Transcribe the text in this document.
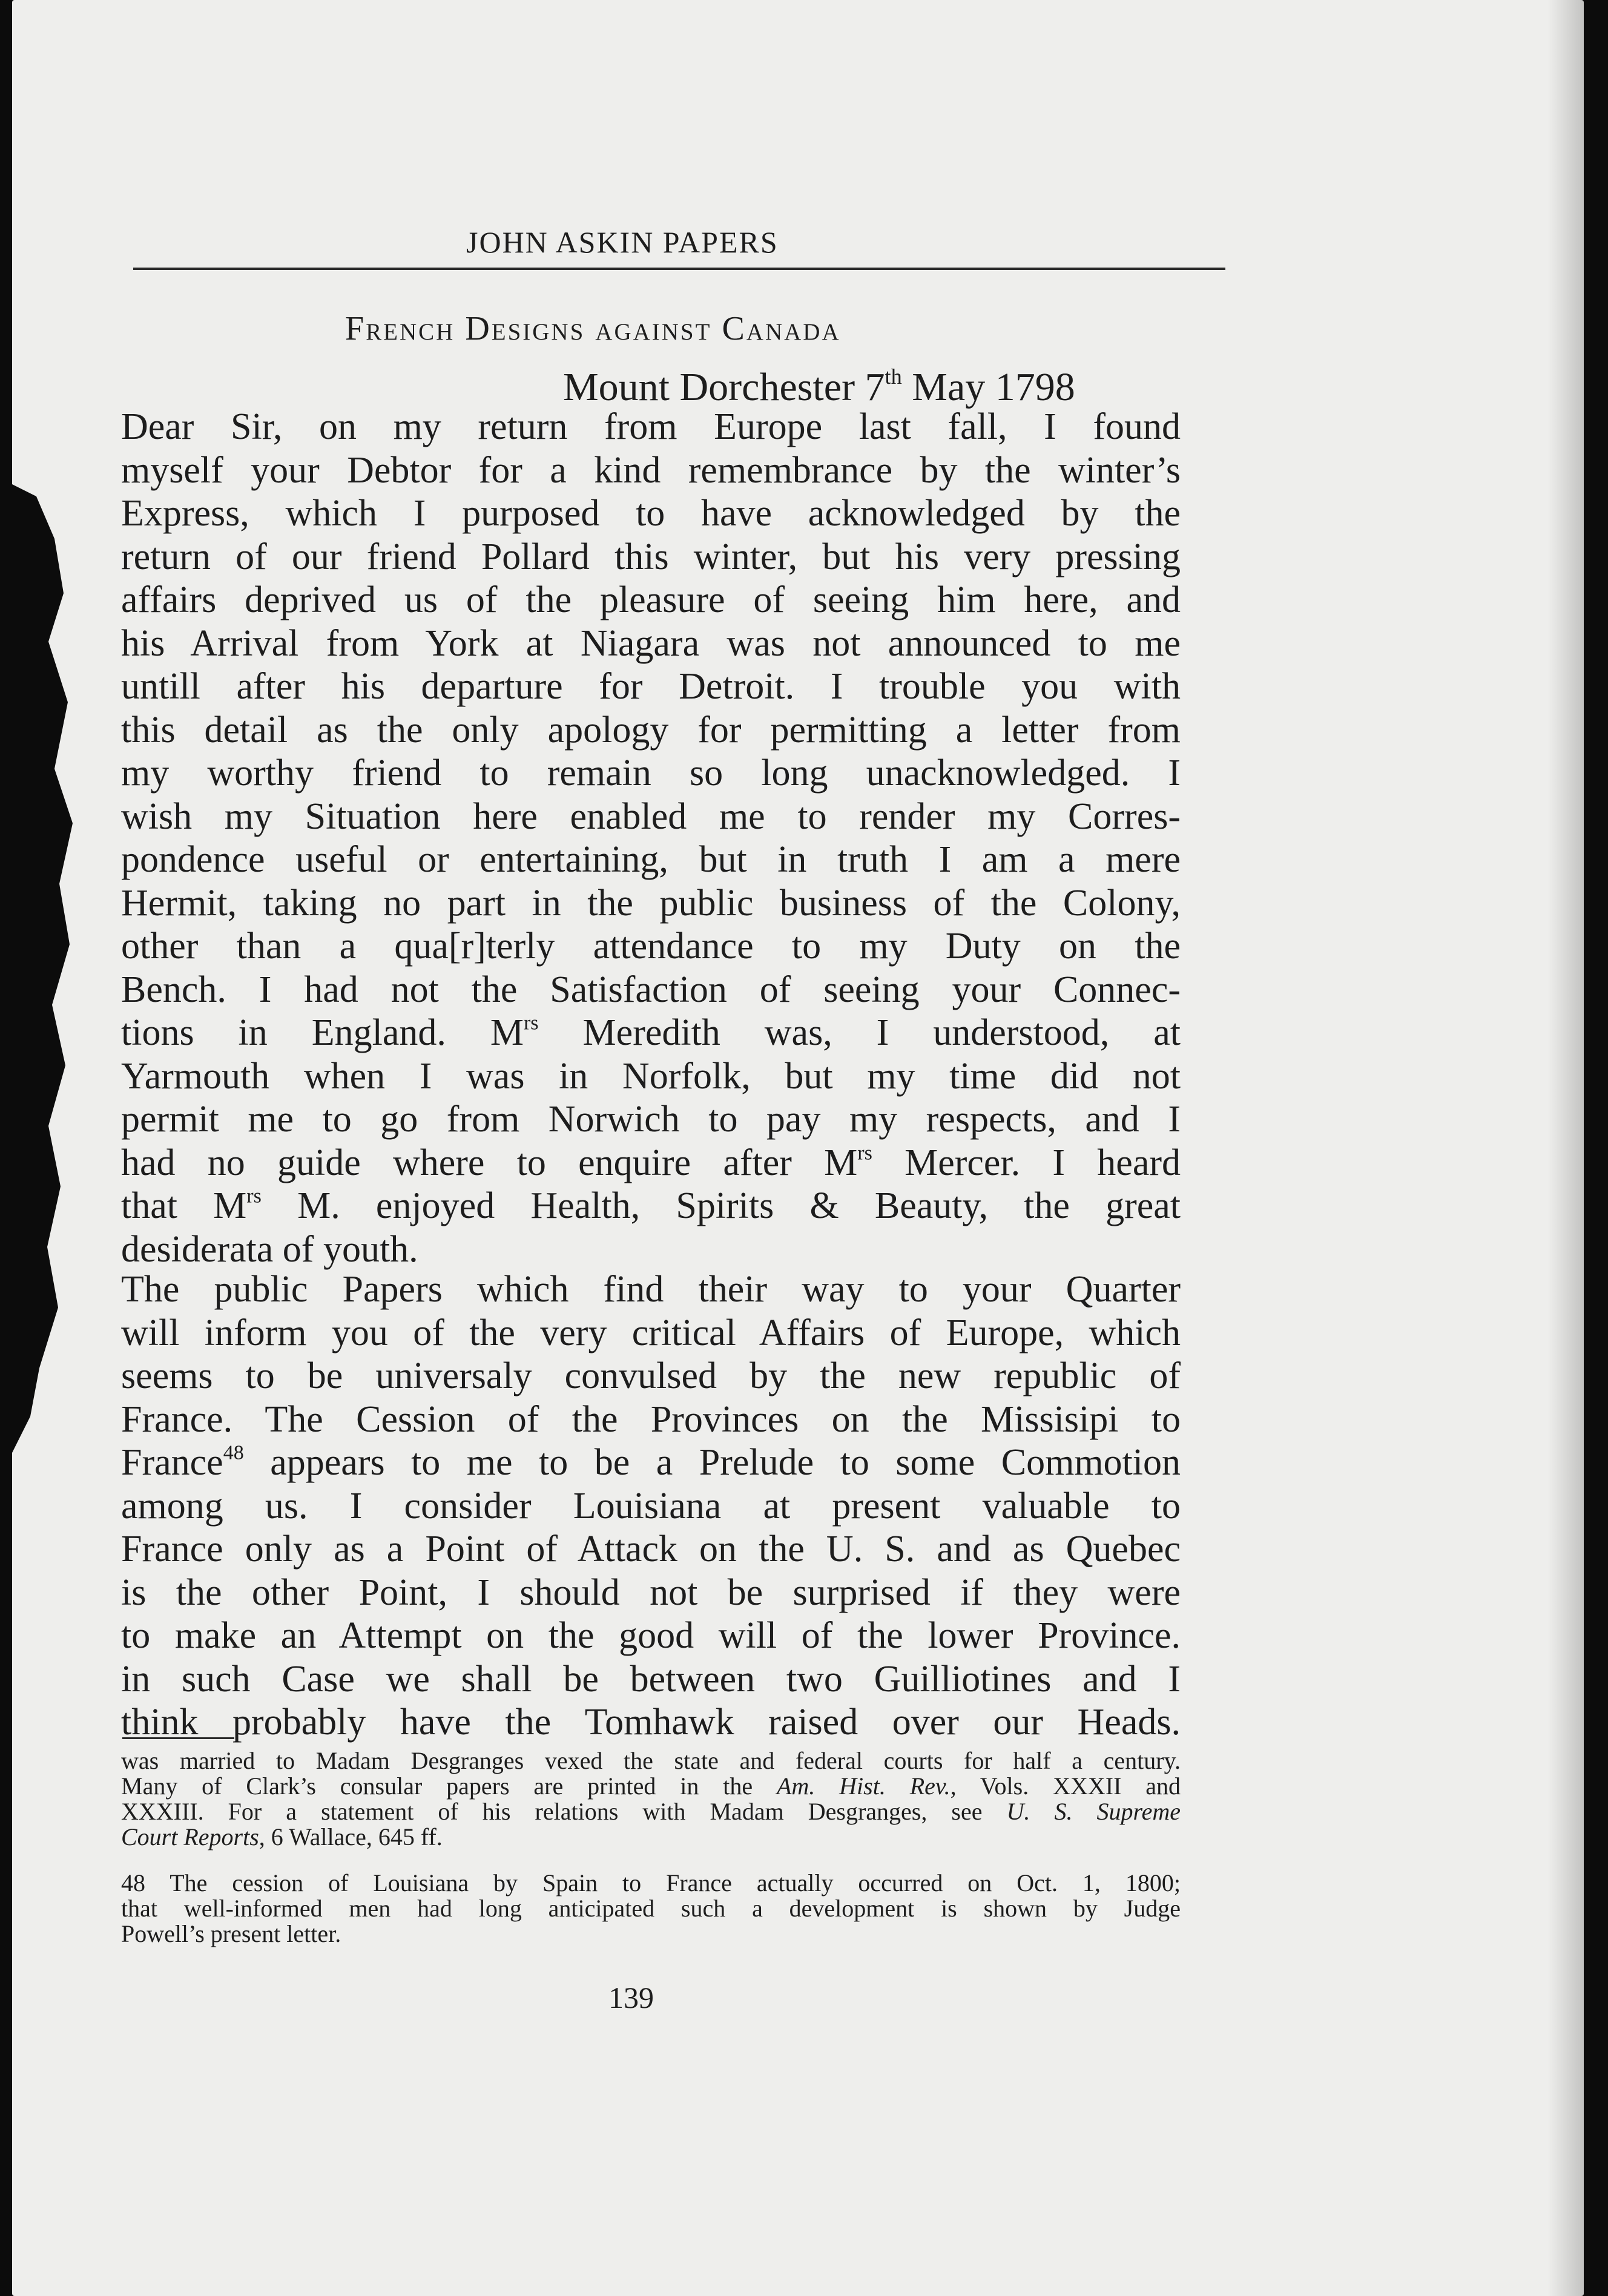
JOHN ASKIN PAPERS
French Designs against Canada
Mount Dorchester 7th May 1798
Dear Sir, on my return from Europe last fall, I found
myself your Debtor for a kind remembrance by the winter’s
Express, which I purposed to have acknowledged by the
return of our friend Pollard this winter, but his very pressing
affairs deprived us of the pleasure of seeing him here, and
his Arrival from York at Niagara was not announced to me
untill after his departure for Detroit. I trouble you with
this detail as the only apology for permitting a letter from
my worthy friend to remain so long unacknowledged. I
wish my Situation here enabled me to render my Corres-
pondence useful or entertaining, but in truth I am a mere
Hermit, taking no part in the public business of the Colony,
other than a qua[r]terly attendance to my Duty on the
Bench. I had not the Satisfaction of seeing your Connec-
tions in England. $M^{rs}$ Meredith was, I understood, at
Yarmouth when I was in Norfolk, but my time did not
permit me to go from Norwich to pay my respects, and I
had no guide where to enquire after $M^{rs}$ Mercer. I heard
that $M^{rs}$ M. enjoyed Health, Spirits & Beauty, the great
desiderata of youth.
The public Papers which find their way to your Quarter
will inform you of the very critical Affairs of Europe, which
seems to be universaly convulsed by the new republic of
France. The Cession of the Provinces on the Missisipi to
France$^{48}$ appears to me to be a Prelude to some Commotion
among us. I consider Louisiana at present valuable to
France only as a Point of Attack on the U. S. and as Quebec
is the other Point, I should not be surprised if they were
to make an Attempt on the good will of the lower Province.
in such Case we shall be between two Guilliotines and I
think probably have the Tomhawk raised over our Heads.
was married to Madam Desgranges vexed the state and federal courts for half a century.
Many of Clark’s consular papers are printed in the Am. Hist. Rev., Vols. XXXII and
XXXIII. For a statement of his relations with Madam Desgranges, see U. S. Supreme
Court Reports, 6 Wallace, 645 ff.
48 The cession of Louisiana by Spain to France actually occurred on Oct. 1, 1800;
that well-informed men had long anticipated such a development is shown by Judge
Powell’s present letter.
139
